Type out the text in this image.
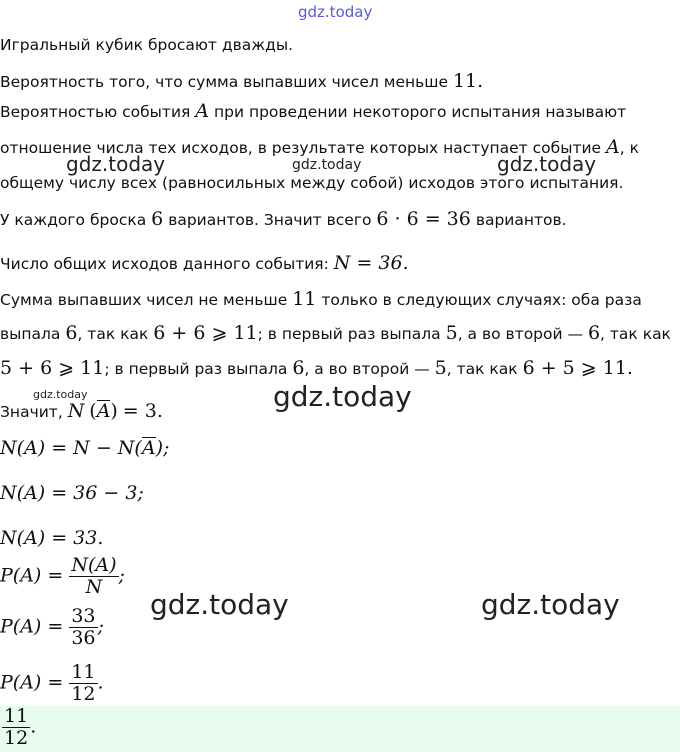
gdz.today
gdz.today	gdz.today	gdz.today
gdz.today	gdz.today
gdz.today	gdz.today
Игральный кубик бросают дважды.
Вероятность того, что сумма выпавших чисел меньше 11.
Вероятностью события A при проведении некоторого испытания называют
отношение числа тех исходов, в результате которых наступает событие A, к
общему числу всех (равносильных между собой) исходов этого испытания.
У каждого броска 6 вариантов. Значит всего 6 · 6 = 36 вариантов.
Число общих исходов данного события: N = 36.
Сумма выпавших чисел не меньше 11 только в следующих случаях: оба раза
выпала 6, так как 6 + 6 ⩾ 11; в первый раз выпала 5, а во второй — 6, так как
5 + 6 ⩾ 11; в первый раз выпала 6, а во второй — 5, так как 6 + 5 ⩾ 11.
Значит, N (A) = 3.
N(A) = N − N(A);
N(A) = 36 − 3;
N(A) = 33.
$P(A) = \frac{N(A)}{N}$ ;
$P(A) = \frac{33}{36}$ ;
$P(A) = \frac{11}{12}$ .
$\frac{11}{12}$ .
